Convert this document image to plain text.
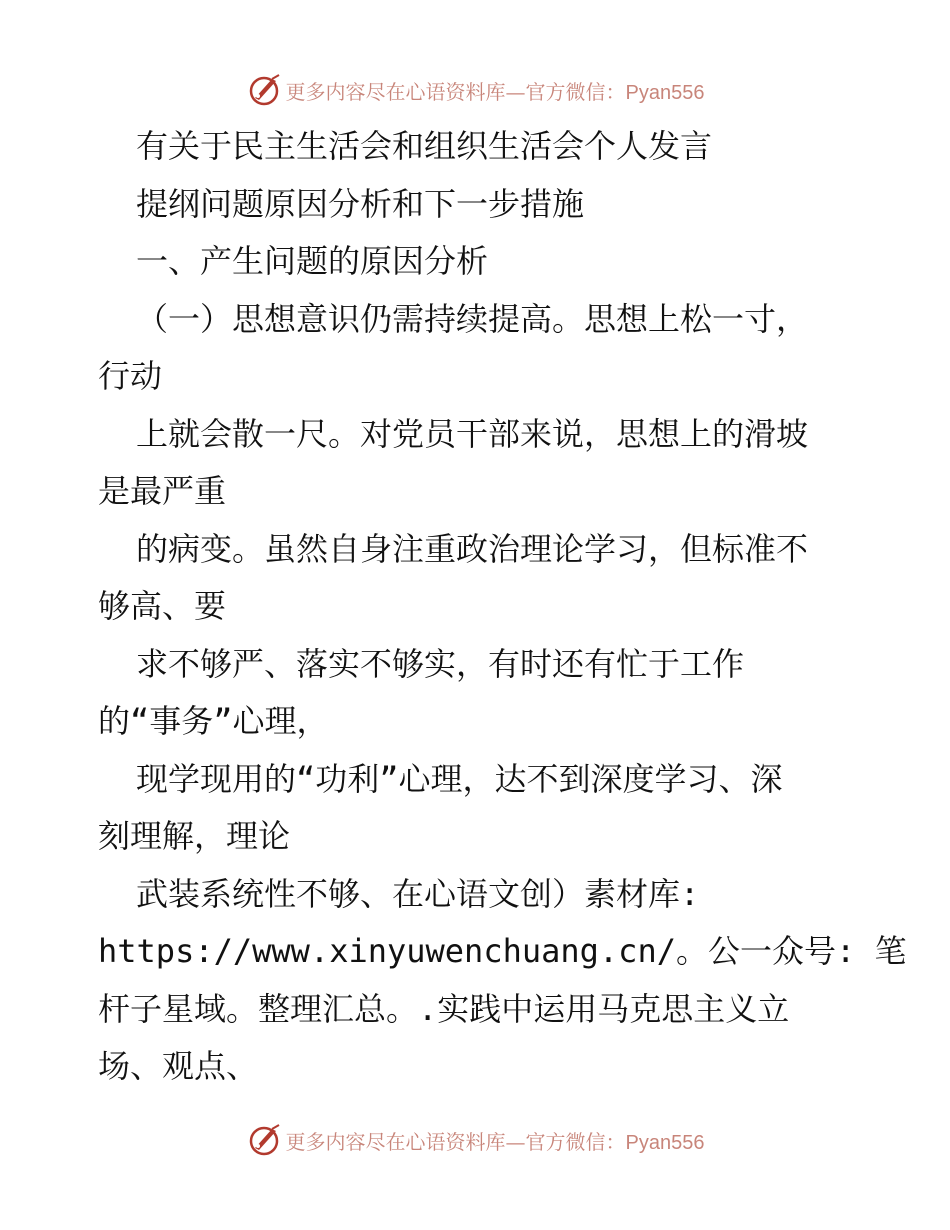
更多内容尽在心语资料库—官方微信：Pyan556
有关于民主生活会和组织生活会个人发言
提纲问题原因分析和下一步措施
一、产生问题的原因分析
（一）思想意识仍需持续提高。思想上松一寸，
行动
上就会散一尺。对党员干部来说，思想上的滑坡
是最严重
的病变。虽然自身注重政治理论学习，但标准不
够高、要
求不够严、落实不够实，有时还有忙于工作
的“事务”心理，
现学现用的“功利”心理，达不到深度学习、深
刻理解，理论
武装系统性不够、在心语文创）素材库:
https://www.xinyuwenchuang.cn/。公一众号: 笔
杆子星域。整理汇总。.实践中运用马克思主义立
场、观点、
更多内容尽在心语资料库—官方微信：Pyan556
